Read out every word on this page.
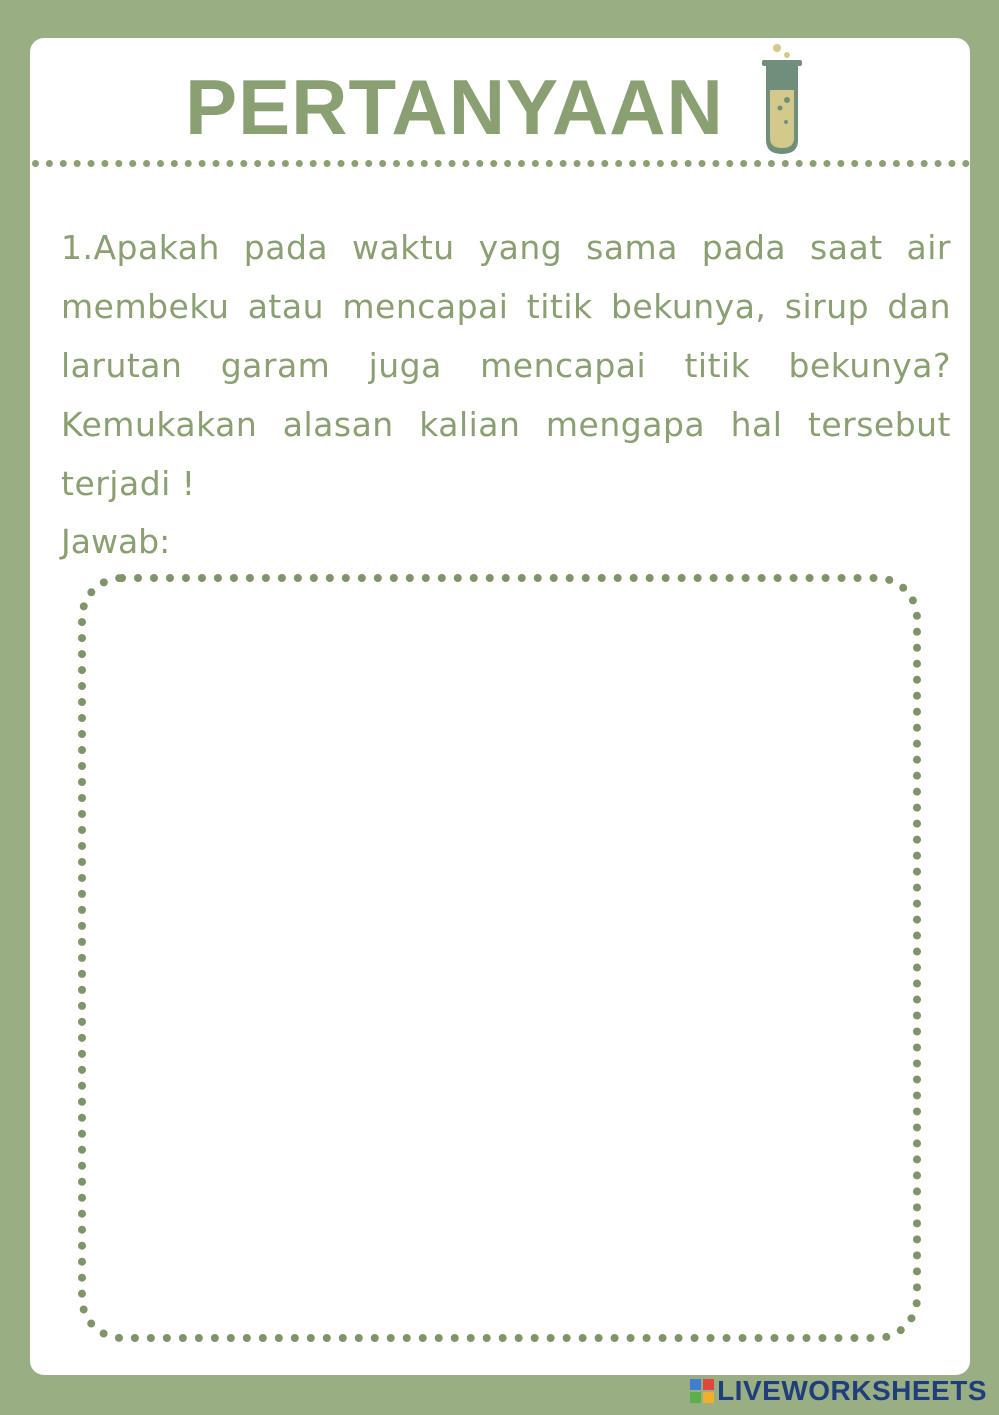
PERTANYAAN
1.Apakah pada waktu yang sama pada saat air membeku atau mencapai titik bekunya, sirup dan larutan garam juga mencapai titik bekunya? Kemukakan alasan kalian mengapa hal tersebut terjadi !
Jawab:
LIVEWORKSHEETS
